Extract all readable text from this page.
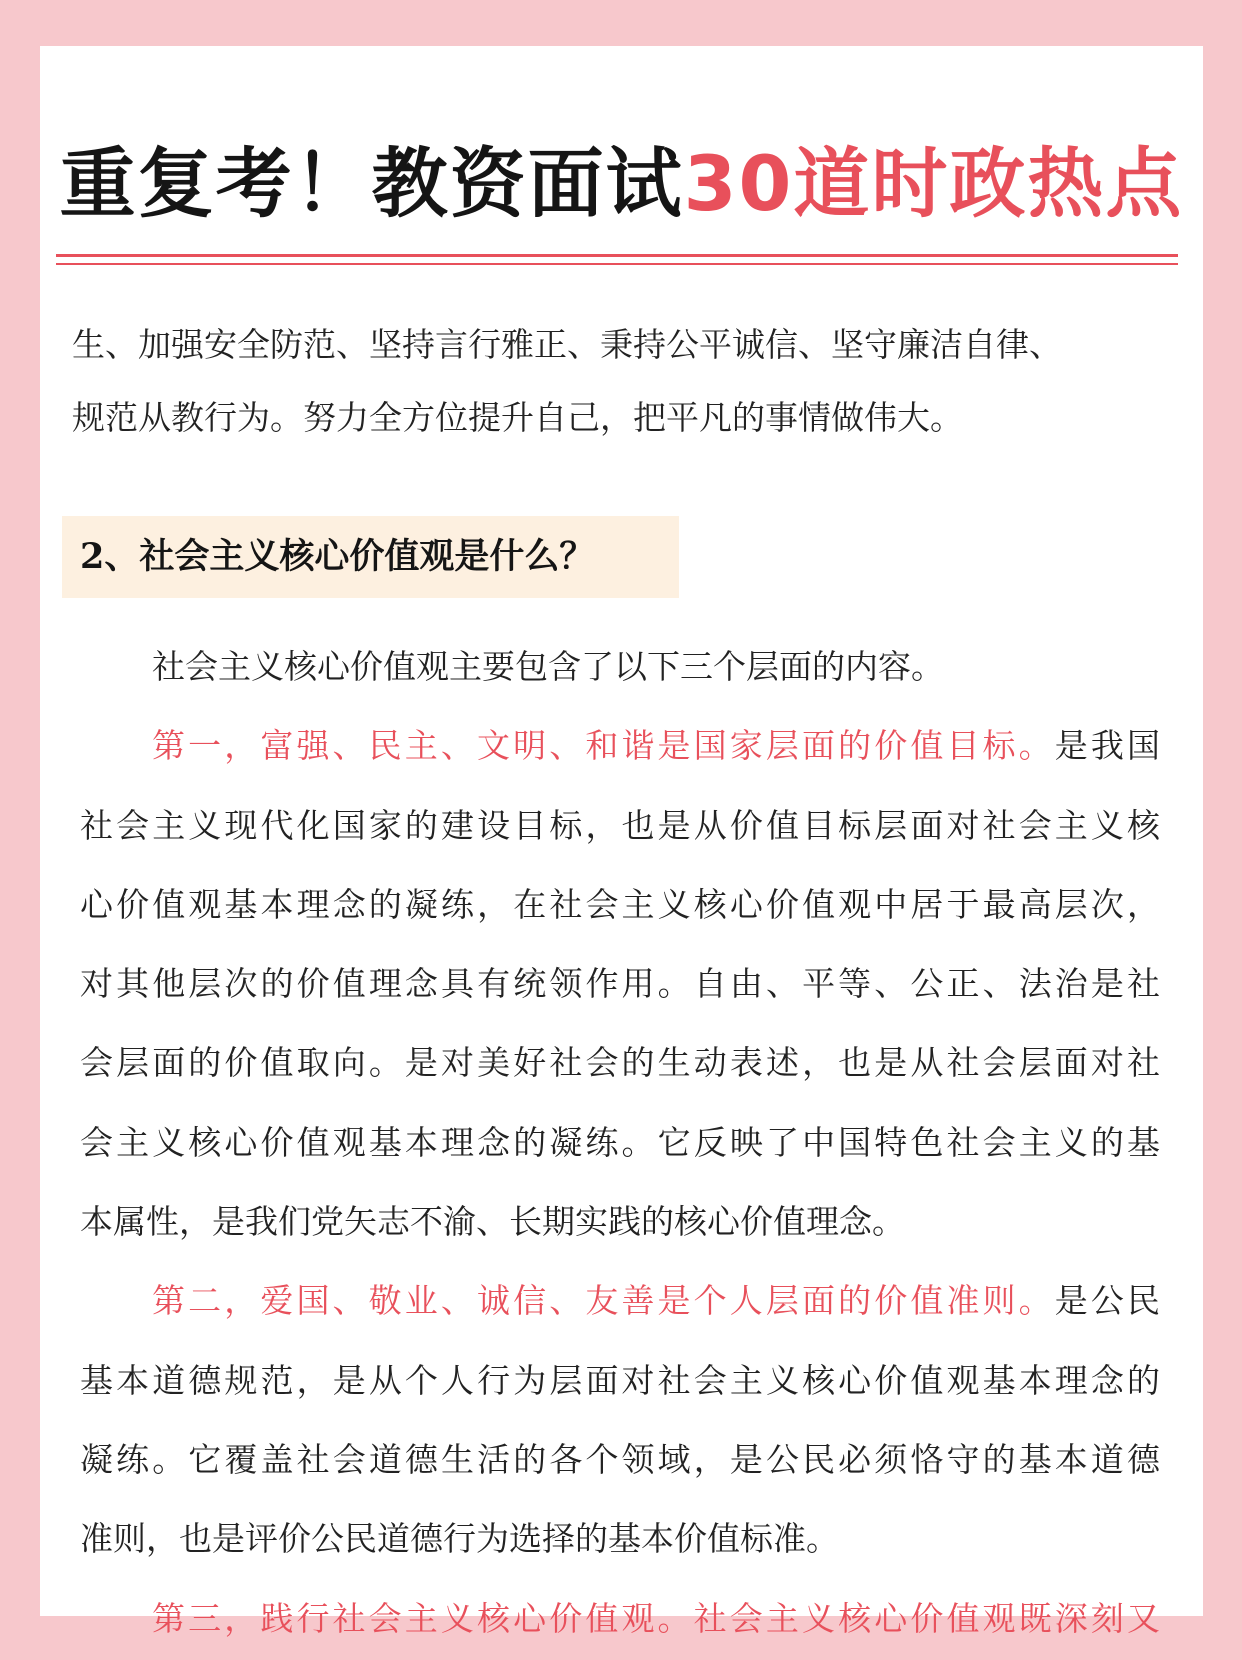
重复考！教资面试30道时政热点

生、加强安全防范、坚持言行雅正、秉持公平诚信、坚守廉洁自律、
规范从教行为。努力全方位提升自己，把平凡的事情做伟大。

2、社会主义核心价值观是什么？
社会主义核心价值观主要包含了以下三个层面的内容。
第一，富强、民主、文明、和谐是国家层面的价值目标。是我国
社会主义现代化国家的建设目标，也是从价值目标层面对社会主义核
心价值观基本理念的凝练，在社会主义核心价值观中居于最高层次，
对其他层次的价值理念具有统领作用。自由、平等、公正、法治是社
会层面的价值取向。是对美好社会的生动表述，也是从社会层面对社
会主义核心价值观基本理念的凝练。它反映了中国特色社会主义的基
本属性，是我们党矢志不渝、长期实践的核心价值理念。
第二，爱国、敬业、诚信、友善是个人层面的价值准则。是公民
基本道德规范，是从个人行为层面对社会主义核心价值观基本理念的
凝练。它覆盖社会道德生活的各个领域，是公民必须恪守的基本道德
准则，也是评价公民道德行为选择的基本价值标准。
第三，践行社会主义核心价值观。社会主义核心价值观既深刻又
